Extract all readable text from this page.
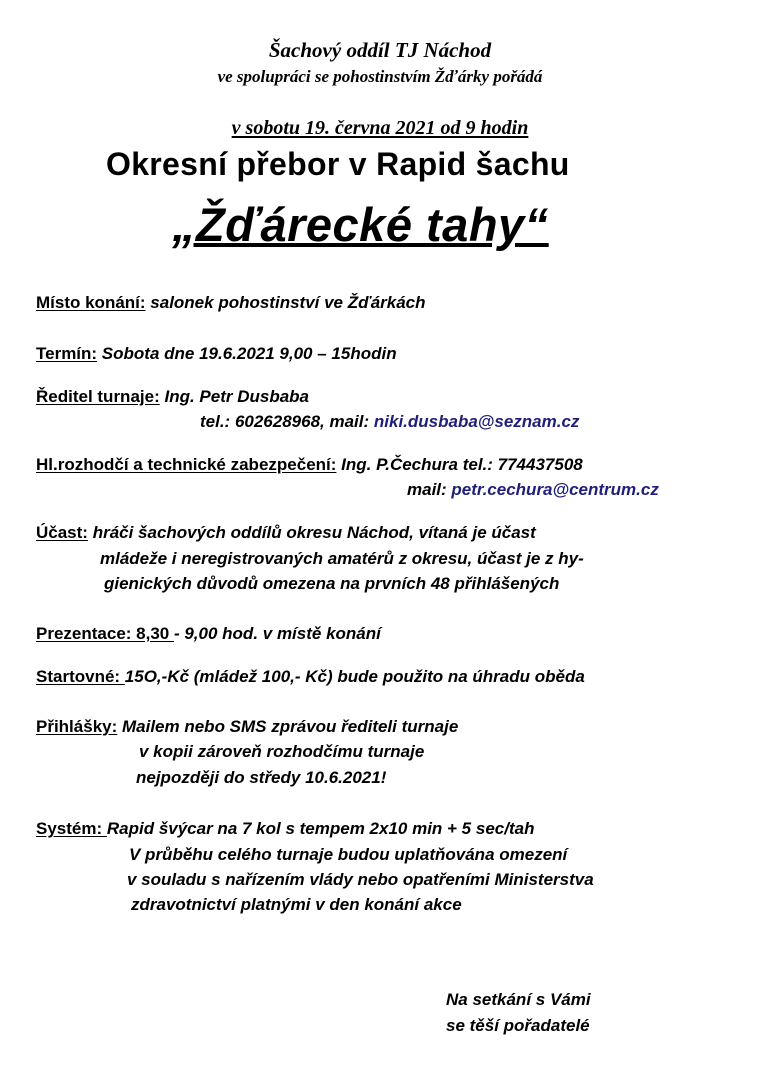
Šachový oddíl TJ Náchod
ve spolupráci se pohostinstvím Žďárky pořádá
v sobotu 19. června 2021 od 9 hodin
Okresní přebor v Rapid šachu
„Žďárecké tahy“
Místo konání: salonek pohostinství ve Žďárkách
Termín: Sobota dne 19.6.2021 9,00 – 15hodin
Ředitel turnaje: Ing. Petr Dusbaba
tel.: 602628968, mail: niki.dusbaba@seznam.cz
Hl.rozhodčí a technické zabezpečení: Ing. P.Čechura tel.: 774437508
mail: petr.cechura@centrum.cz
Účast: hráči šachových oddílů okresu Náchod, vítaná je účast
mládeže i neregistrovaných amatérů z okresu, účast je z hy-
gienických důvodů omezena na prvních 48 přihlášených
Prezentace: 8,30 - 9,00 hod. v místě konání
Startovné: 15O,-Kč (mládež 100,- Kč) bude použito na úhradu oběda
Přihlášky: Mailem nebo SMS zprávou řediteli turnaje
v kopii zároveň rozhodčímu turnaje
nejpozději do středy 10.6.2021!
Systém: Rapid švýcar na 7 kol s tempem 2x10 min + 5 sec/tah
V průběhu celého turnaje budou uplatňována omezení
v souladu s nařízením vlády nebo opatřeními Ministerstva
zdravotnictví platnými v den konání akce
Na setkání s Vámi
se těší pořadatelé
